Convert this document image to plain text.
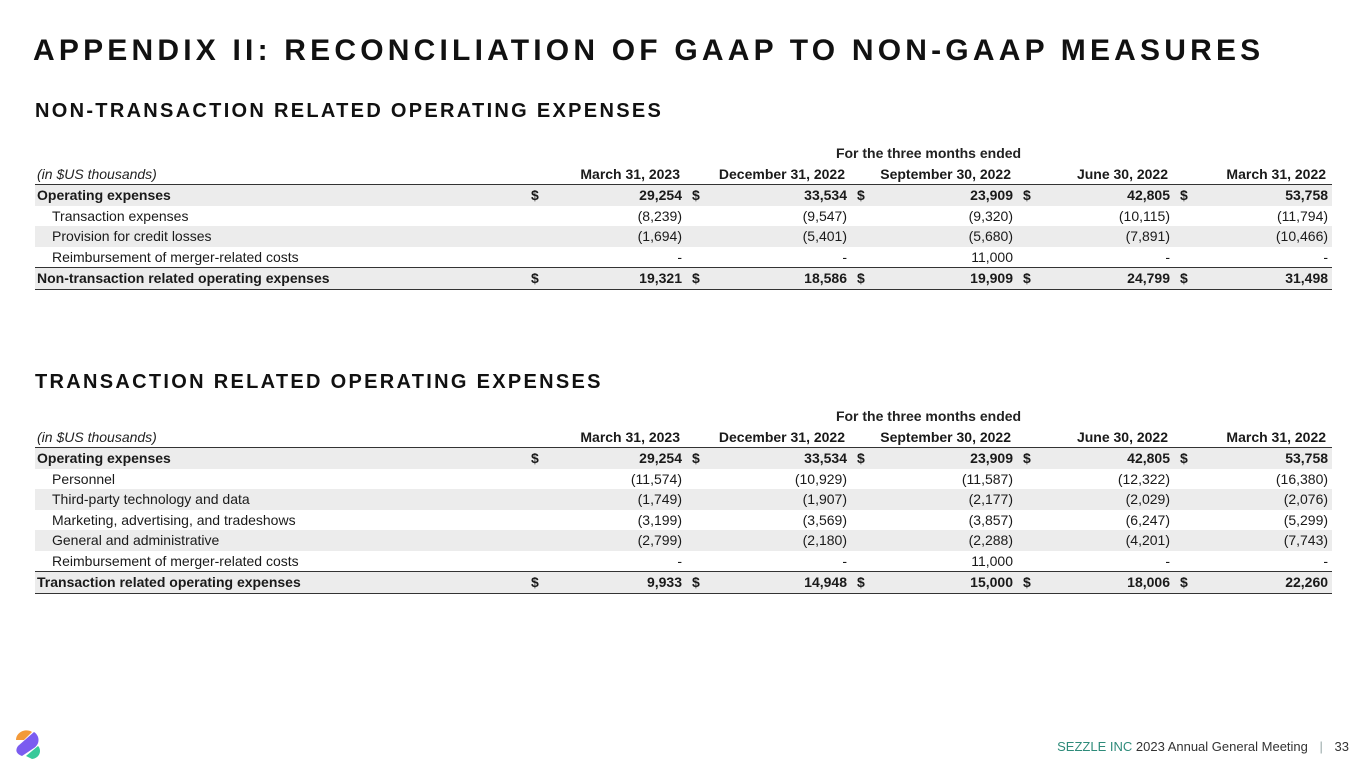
APPENDIX II: RECONCILIATION OF GAAP TO NON-GAAP MEASURES
NON-TRANSACTION RELATED OPERATING EXPENSES
	For the three months ended				
(in $US thousands)	March 31, 2023	December 31, 2022	September 30, 2022	June 30, 2022	March 31, 2022
Operating expenses	$ 29,254	$ 33,534	$ 23,909	$ 42,805	$ 53,758

Transaction expenses	(8,239)	(9,547)	(9,320)	(10,115)	(11,794)
Provision for credit losses	(1,694)	(5,401)	(5,680)	(7,891)	(10,466)
Reimbursement of merger-related costs	-	-	11,000	-	-
Non-transaction related operating expenses	$ 19,321	$ 18,586	$ 19,909	$ 24,799	$ 31,498
TRANSACTION RELATED OPERATING EXPENSES
	For the three months ended				
(in $US thousands)	March 31, 2023	December 31, 2022	September 30, 2022	June 30, 2022	March 31, 2022
Operating expenses	$ 29,254	$ 33,534	$ 23,909	$ 42,805	$ 53,758

Personnel	(11,574)	(10,929)	(11,587)	(12,322)	(16,380)
Third-party technology and data	(1,749)	(1,907)	(2,177)	(2,029)	(2,076)
Marketing, advertising, and tradeshows	(3,199)	(3,569)	(3,857)	(6,247)	(5,299)
General and administrative	(2,799)	(2,180)	(2,288)	(4,201)	(7,743)
Reimbursement of merger-related costs	-	-	11,000	-	-
Transaction related operating expenses	$ 9,933	$ 14,948	$ 15,000	$ 18,006	$ 22,260
SEZZLE INC 2023 Annual General Meeting | 33
